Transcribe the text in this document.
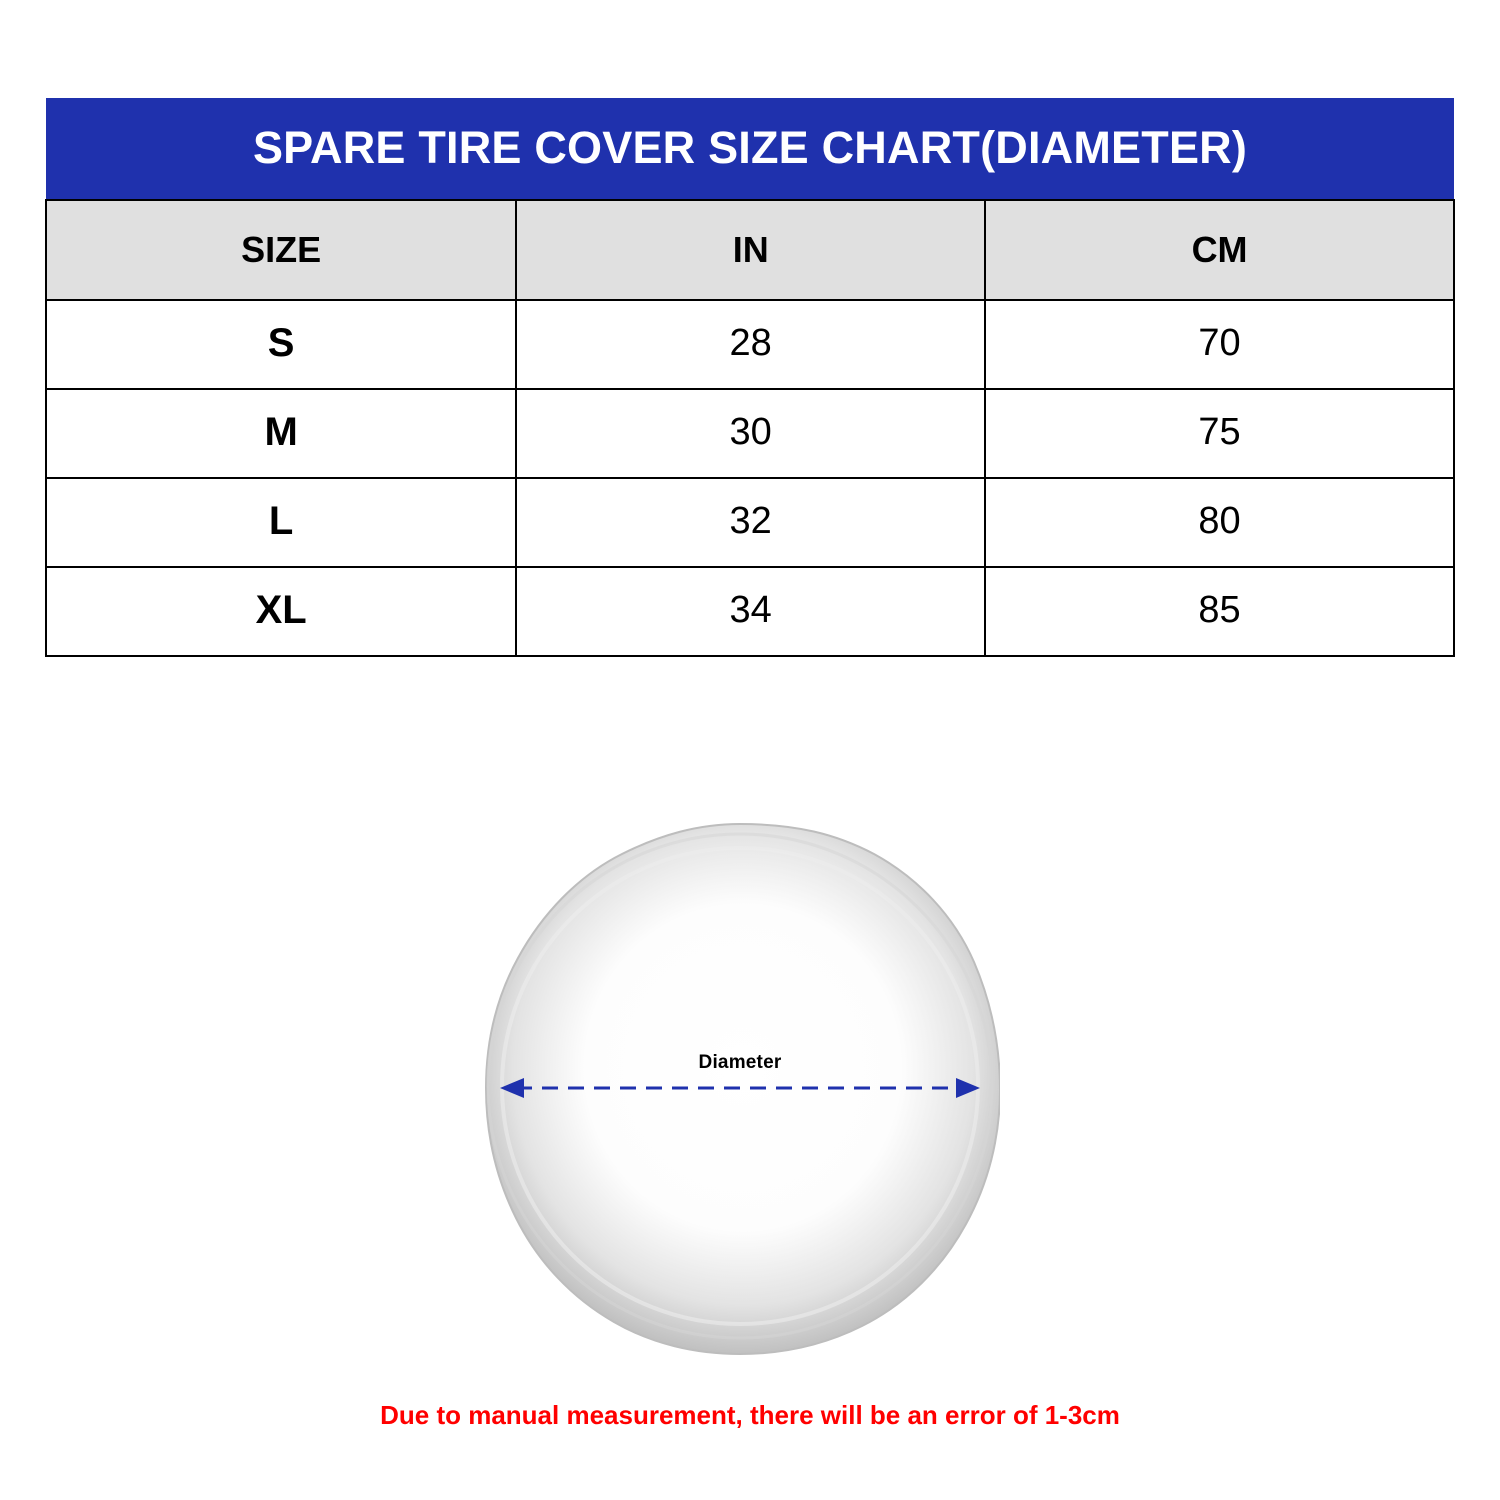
SPARE TIRE COVER SIZE CHART(DIAMETER)		
SIZE	IN	CM
S	28	70
M	30	75
L	32	80
XL	34	85
Diameter
Due to manual measurement, there will be an error of 1-3cm
